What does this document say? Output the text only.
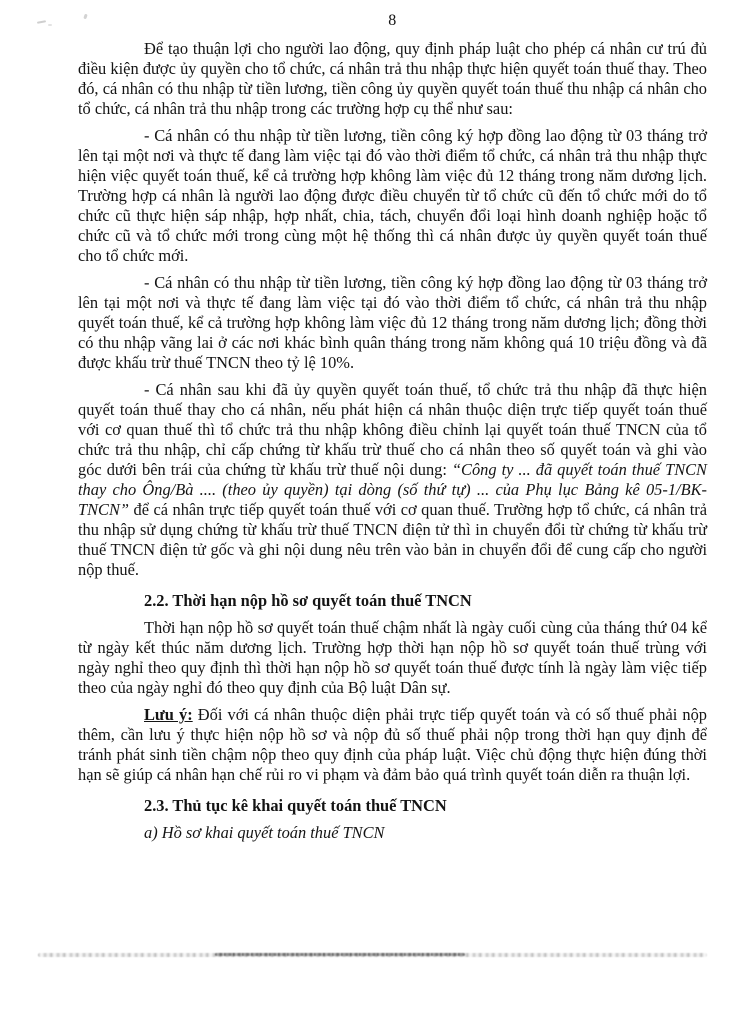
8

Để tạo thuận lợi cho người lao động, quy định pháp luật cho phép cá nhân cư trú đủ điều kiện được ủy quyền cho tổ chức, cá nhân trả thu nhập thực hiện quyết toán thuế thay. Theo đó, cá nhân có thu nhập từ tiền lương, tiền công ủy quyền quyết toán thuế thu nhập cá nhân cho tổ chức, cá nhân trả thu nhập trong các trường hợp cụ thể như sau:

- Cá nhân có thu nhập từ tiền lương, tiền công ký hợp đồng lao động từ 03 tháng trở lên tại một nơi và thực tế đang làm việc tại đó vào thời điểm tổ chức, cá nhân trả thu nhập thực hiện việc quyết toán thuế, kể cả trường hợp không làm việc đủ 12 tháng trong năm dương lịch. Trường hợp cá nhân là người lao động được điều chuyển từ tổ chức cũ đến tổ chức mới do tổ chức cũ thực hiện sáp nhập, hợp nhất, chia, tách, chuyển đổi loại hình doanh nghiệp hoặc tổ chức cũ và tổ chức mới trong cùng một hệ thống thì cá nhân được ủy quyền quyết toán thuế cho tổ chức mới.

- Cá nhân có thu nhập từ tiền lương, tiền công ký hợp đồng lao động từ 03 tháng trở lên tại một nơi và thực tế đang làm việc tại đó vào thời điểm tổ chức, cá nhân trả thu nhập quyết toán thuế, kể cả trường hợp không làm việc đủ 12 tháng trong năm dương lịch; đồng thời có thu nhập vãng lai ở các nơi khác bình quân tháng trong năm không quá 10 triệu đồng và đã được khấu trừ thuế TNCN theo tỷ lệ 10%.

- Cá nhân sau khi đã ủy quyền quyết toán thuế, tổ chức trả thu nhập đã thực hiện quyết toán thuế thay cho cá nhân, nếu phát hiện cá nhân thuộc diện trực tiếp quyết toán thuế với cơ quan thuế thì tổ chức trả thu nhập không điều chỉnh lại quyết toán thuế TNCN của tổ chức trả thu nhập, chỉ cấp chứng từ khấu trừ thuế cho cá nhân theo số quyết toán và ghi vào góc dưới bên trái của chứng từ khấu trừ thuế nội dung: “Công ty ... đã quyết toán thuế TNCN thay cho Ông/Bà .... (theo ủy quyền) tại dòng (số thứ tự) ... của Phụ lục Bảng kê 05-1/BK-TNCN” để cá nhân trực tiếp quyết toán thuế với cơ quan thuế. Trường hợp tổ chức, cá nhân trả thu nhập sử dụng chứng từ khấu trừ thuế TNCN điện tử thì in chuyển đổi từ chứng từ khấu trừ thuế TNCN điện tử gốc và ghi nội dung nêu trên vào bản in chuyển đổi để cung cấp cho người nộp thuế.

2.2. Thời hạn nộp hồ sơ quyết toán thuế TNCN

Thời hạn nộp hồ sơ quyết toán thuế chậm nhất là ngày cuối cùng của tháng thứ 04 kể từ ngày kết thúc năm dương lịch. Trường hợp thời hạn nộp hồ sơ quyết toán thuế trùng với ngày nghỉ theo quy định thì thời hạn nộp hồ sơ quyết toán thuế được tính là ngày làm việc tiếp theo của ngày nghỉ đó theo quy định của Bộ luật Dân sự.

Lưu ý: Đối với cá nhân thuộc diện phải trực tiếp quyết toán và có số thuế phải nộp thêm, cần lưu ý thực hiện nộp hồ sơ và nộp đủ số thuế phải nộp trong thời hạn quy định để tránh phát sinh tiền chậm nộp theo quy định của pháp luật. Việc chủ động thực hiện đúng thời hạn sẽ giúp cá nhân hạn chế rủi ro vi phạm và đảm bảo quá trình quyết toán diễn ra thuận lợi.

2.3. Thủ tục kê khai quyết toán thuế TNCN

a) Hồ sơ khai quyết toán thuế TNCN
